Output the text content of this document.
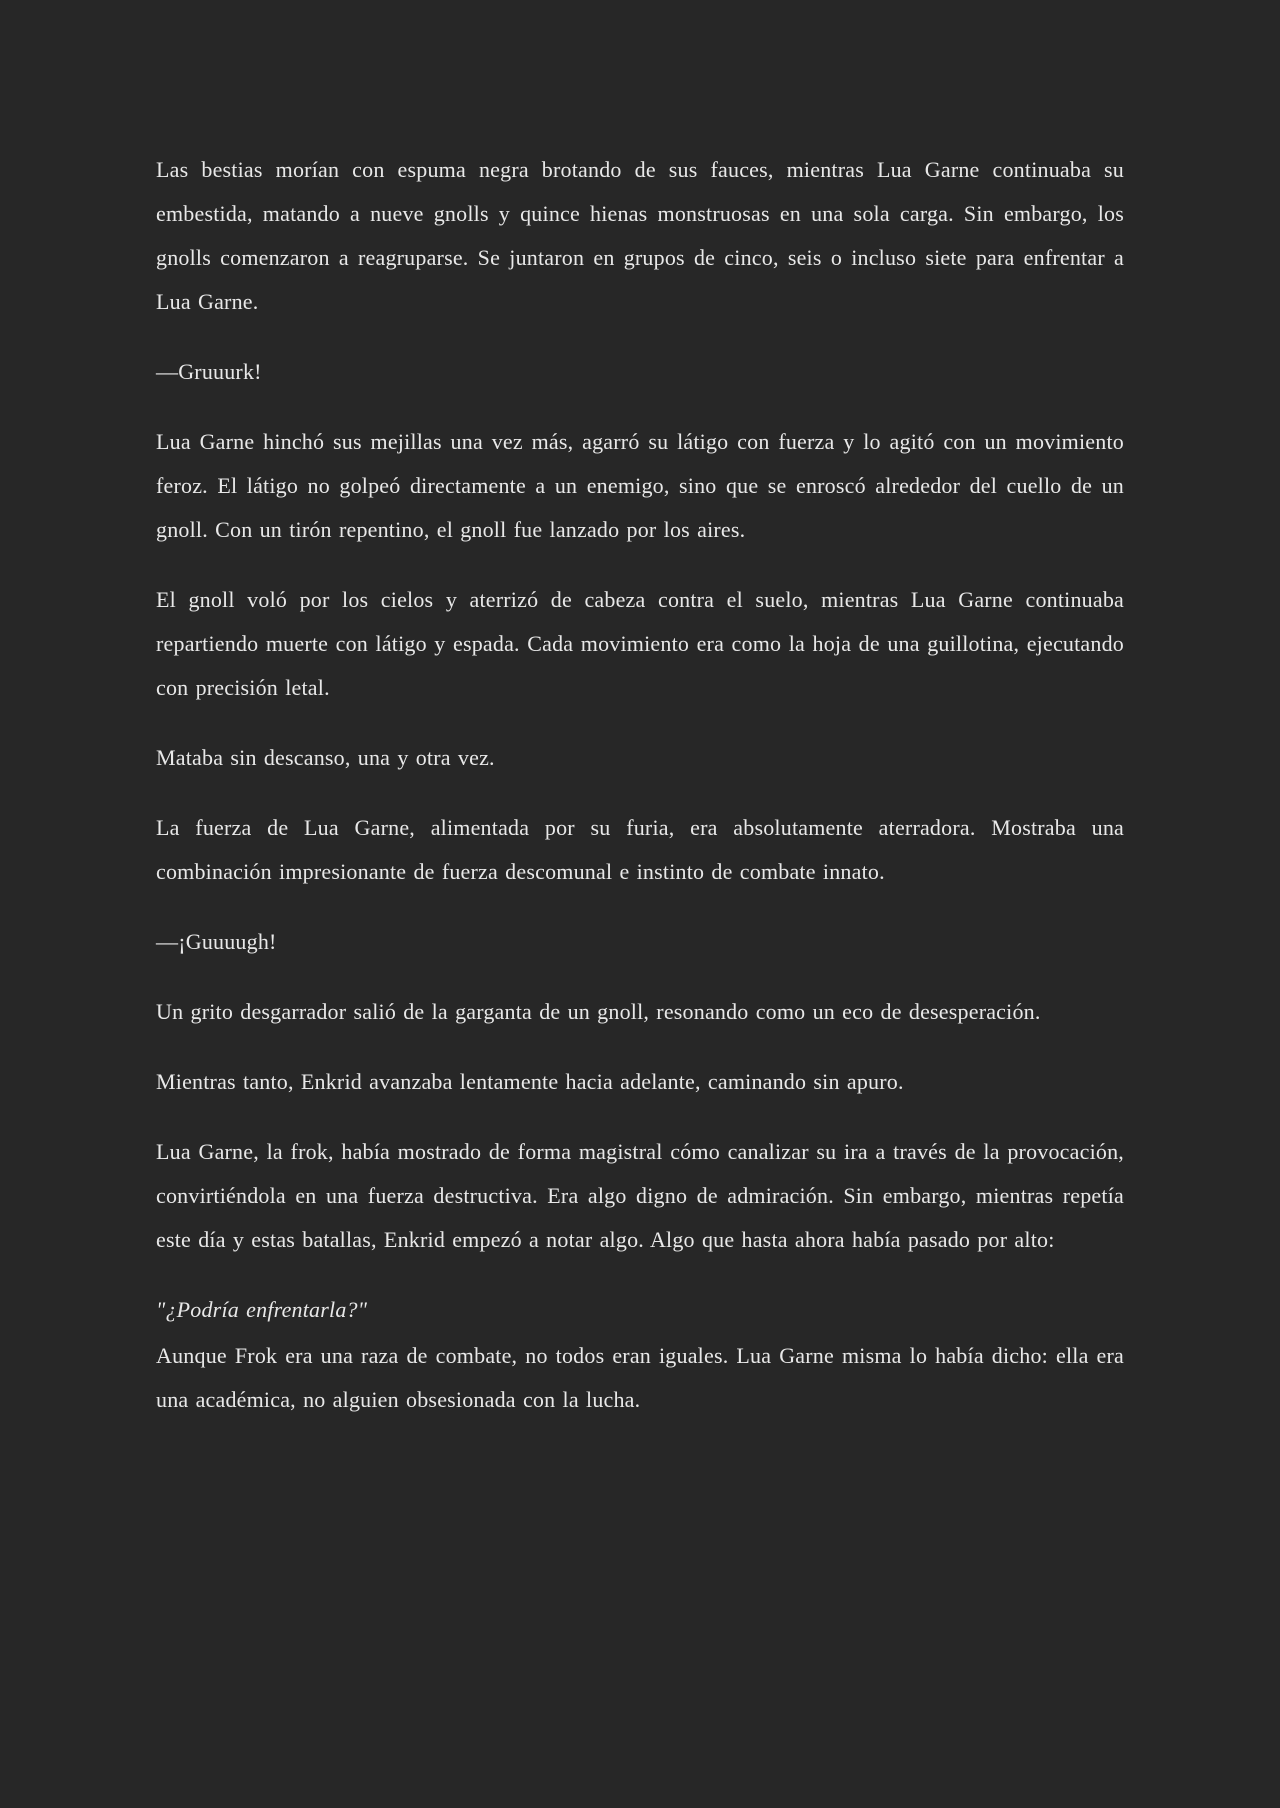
Las bestias morían con espuma negra brotando de sus fauces, mientras Lua Garne continuaba su embestida, matando a nueve gnolls y quince hienas monstruosas en una sola carga. Sin embargo, los gnolls comenzaron a reagruparse. Se juntaron en grupos de cinco, seis o incluso siete para enfrentar a Lua Garne.

—Gruuurk!

Lua Garne hinchó sus mejillas una vez más, agarró su látigo con fuerza y lo agitó con un movimiento feroz. El látigo no golpeó directamente a un enemigo, sino que se enroscó alrededor del cuello de un gnoll. Con un tirón repentino, el gnoll fue lanzado por los aires.

El gnoll voló por los cielos y aterrizó de cabeza contra el suelo, mientras Lua Garne continuaba repartiendo muerte con látigo y espada. Cada movimiento era como la hoja de una guillotina, ejecutando con precisión letal.

Mataba sin descanso, una y otra vez.

La fuerza de Lua Garne, alimentada por su furia, era absolutamente aterradora. Mostraba una combinación impresionante de fuerza descomunal e instinto de combate innato.

—¡Guuuugh!

Un grito desgarrador salió de la garganta de un gnoll, resonando como un eco de desesperación.

Mientras tanto, Enkrid avanzaba lentamente hacia adelante, caminando sin apuro.

Lua Garne, la frok, había mostrado de forma magistral cómo canalizar su ira a través de la provocación, convirtiéndola en una fuerza destructiva. Era algo digno de admiración. Sin embargo, mientras repetía este día y estas batallas, Enkrid empezó a notar algo. Algo que hasta ahora había pasado por alto:

"¿Podría enfrentarla?"

Aunque Frok era una raza de combate, no todos eran iguales. Lua Garne misma lo había dicho: ella era una académica, no alguien obsesionada con la lucha.
